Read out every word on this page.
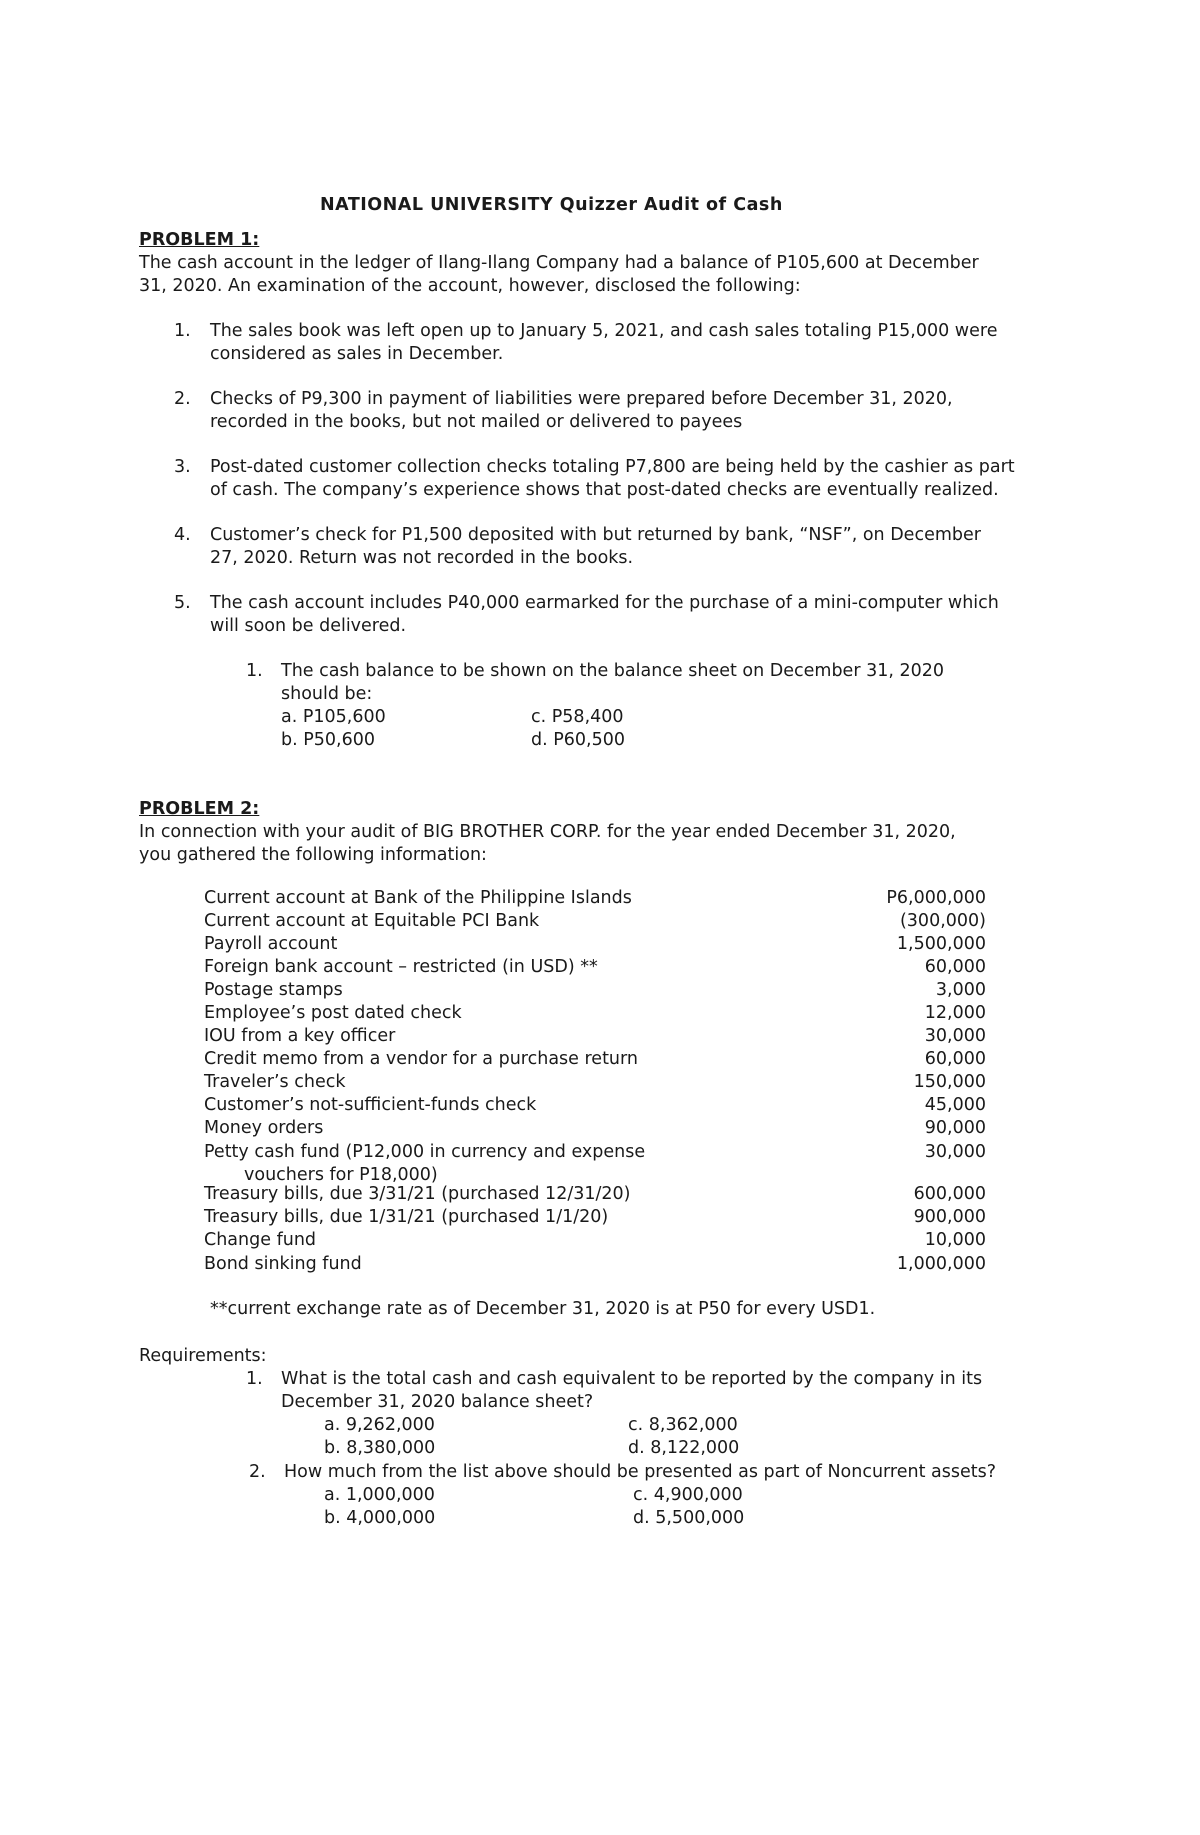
NATIONAL UNIVERSITY Quizzer Audit of Cash
PROBLEM 1:
The cash account in the ledger of Ilang-Ilang Company had a balance of P105,600 at December
31, 2020. An examination of the account, however, disclosed the following:
1. The sales book was left open up to January 5, 2021, and cash sales totaling P15,000 were
considered as sales in December.
2. Checks of P9,300 in payment of liabilities were prepared before December 31, 2020,
recorded in the books, but not mailed or delivered to payees
3. Post-dated customer collection checks totaling P7,800 are being held by the cashier as part
of cash. The company’s experience shows that post-dated checks are eventually realized.
4. Customer’s check for P1,500 deposited with but returned by bank, “NSF”, on December
27, 2020. Return was not recorded in the books.
5. The cash account includes P40,000 earmarked for the purchase of a mini-computer which
will soon be delivered.
1. The cash balance to be shown on the balance sheet on December 31, 2020
should be:
a. P105,600	c. P58,400
b. P50,600	d. P60,500
PROBLEM 2:
In connection with your audit of BIG BROTHER CORP. for the year ended December 31, 2020,
you gathered the following information:
Current account at Bank of the Philippine Islands	P6,000,000
Current account at Equitable PCI Bank	(300,000)
Payroll account	1,500,000
Foreign bank account – restricted (in USD) **	60,000
Postage stamps	3,000
Employee’s post dated check	12,000
IOU from a key officer	30,000
Credit memo from a vendor for a purchase return	60,000
Traveler’s check	150,000
Customer’s not-sufficient-funds check	45,000
Money orders	90,000
Petty cash fund (P12,000 in currency and expense	30,000
vouchers for P18,000)
Treasury bills, due 3/31/21 (purchased 12/31/20)	600,000
Treasury bills, due 1/31/21 (purchased 1/1/20)	900,000
Change fund	10,000
Bond sinking fund	1,000,000
**current exchange rate as of December 31, 2020 is at P50 for every USD1.
Requirements:
1. What is the total cash and cash equivalent to be reported by the company in its
December 31, 2020 balance sheet?
a. 9,262,000	c. 8,362,000
b. 8,380,000	d. 8,122,000
2. How much from the list above should be presented as part of Noncurrent assets?
a. 1,000,000	c. 4,900,000
b. 4,000,000	d. 5,500,000
